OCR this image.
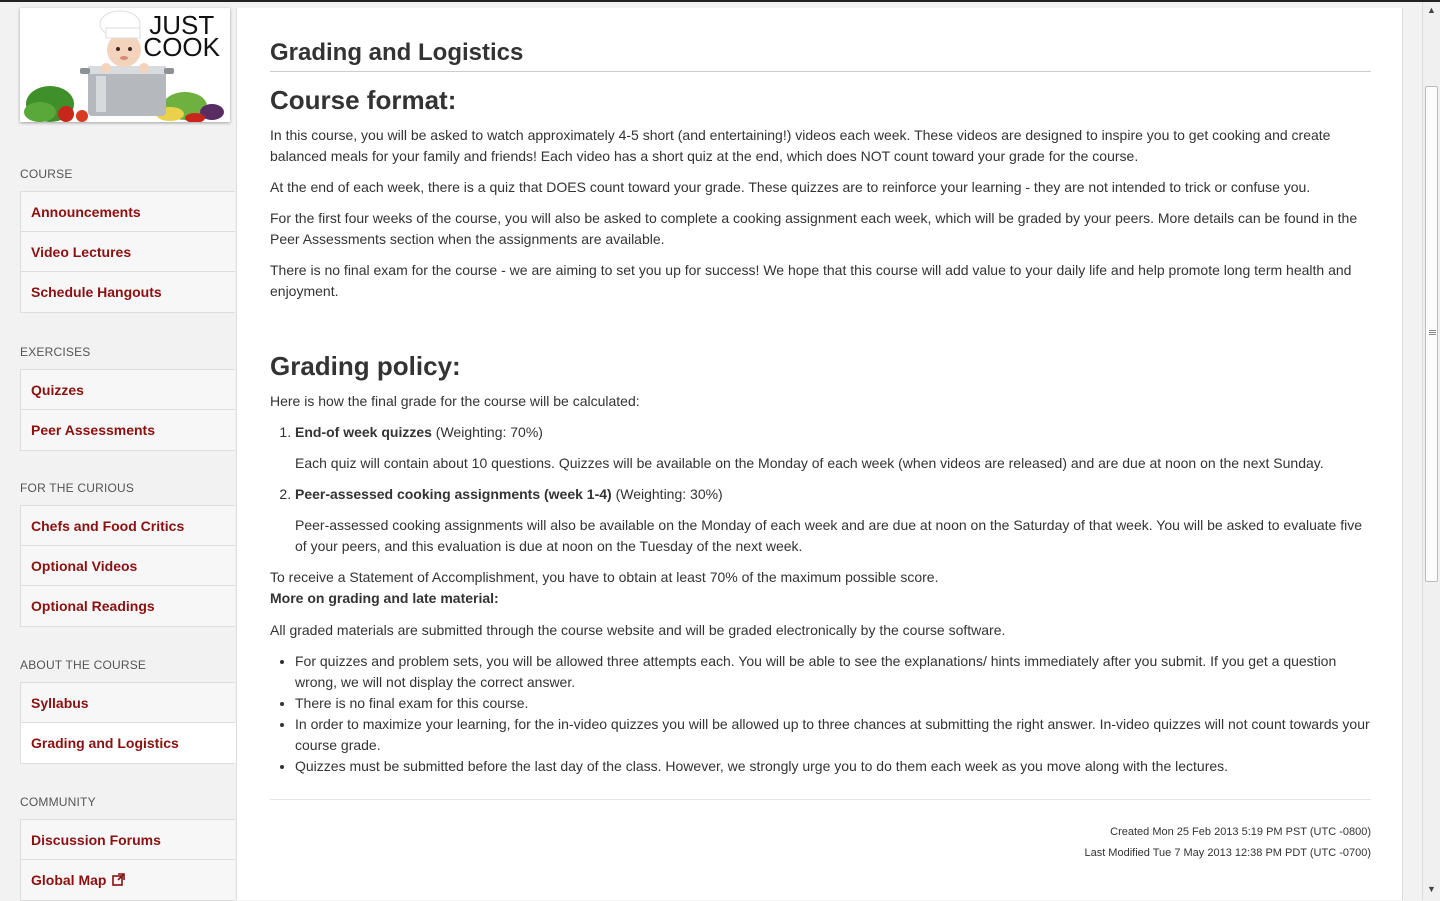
JUST
COOK
COURSE
Announcements
Video Lectures
Schedule Hangouts
EXERCISES
Quizzes
Peer Assessments
FOR THE CURIOUS
Chefs and Food Critics
Optional Videos
Optional Readings
ABOUT THE COURSE
Syllabus
Grading and Logistics
COMMUNITY
Discussion Forums
Global Map
Grading and Logistics
Course format:

In this course, you will be asked to watch approximately 4-5 short (and entertaining!) videos each week. These videos are designed to inspire you to get cooking and create balanced meals for your family and friends! Each video has a short quiz at the end, which does NOT count toward your grade for the course.

At the end of each week, there is a quiz that DOES count toward your grade. These quizzes are to reinforce your learning - they are not intended to trick or confuse you.

For the first four weeks of the course, you will also be asked to complete a cooking assignment each week, which will be graded by your peers. More details can be found in the Peer Assessments section when the assignments are available.

There is no final exam for the course - we are aiming to set you up for success! We hope that this course will add value to your daily life and help promote long term health and enjoyment.

Grading policy:

Here is how the final grade for the course will be calculated:

1. End-of week quizzes (Weighting: 70%)
Each quiz will contain about 10 questions. Quizzes will be available on the Monday of each week (when videos are released) and are due at noon on the next Sunday.
2. Peer-assessed cooking assignments (week 1-4) (Weighting: 30%)
Peer-assessed cooking assignments will also be available on the Monday of each week and are due at noon on the Saturday of that week. You will be asked to evaluate five of your peers, and this evaluation is due at noon on the Tuesday of the next week.
To receive a Statement of Accomplishment, you have to obtain at least 70% of the maximum possible score.
More on grading and late material:

All graded materials are submitted through the course website and will be graded electronically by the course software.

• For quizzes and problem sets, you will be allowed three attempts each. You will be able to see the explanations/ hints immediately after you submit. If you get a question wrong, we will not display the correct answer.
• There is no final exam for this course.
• In order to maximize your learning, for the in-video quizzes you will be allowed up to three chances at submitting the right answer. In-video quizzes will not count towards your course grade.
• Quizzes must be submitted before the last day of the class. However, we strongly urge you to do them each week as you move along with the lectures.
Created Mon 25 Feb 2013 5:19 PM PST (UTC -0800)
Last Modified Tue 7 May 2013 12:38 PM PDT (UTC -0700)
▲
▼
